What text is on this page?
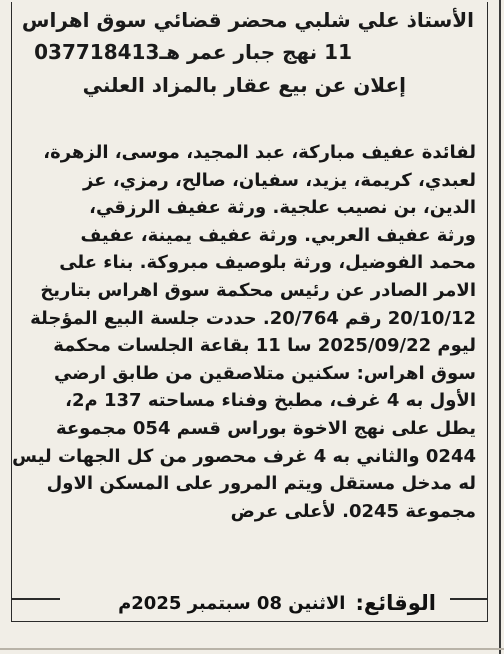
الأستاذ علي شلبي محضر قضائي سوق اهراس
11 نهج جبار عمر هـ037718413
إعلان عن بيع عقار بالمزاد العلني
لفائدة عفيف مباركة، عبد المجيد، موسى، الزهرة،
لعبدي، كريمة، يزيد، سفيان، صالح، رمزي، عز
الدين، بن نصيب علجية. ورثة عفيف الرزقي،
ورثة عفيف العربي. ورثة عفيف يمينة، عفيف
محمد الفوضيل، ورثة بلوصيف مبروكة. بناء على
الامر الصادر عن رئيس محكمة سوق اهراس بتاريخ
20/10/12 رقم 20/764. حددت جلسة البيع المؤجلة
ليوم 2025/09/22 سا 11 بقاعة الجلسات محكمة
سوق اهراس: سكنين متلاصقين من طابق ارضي
الأول به 4 غرف، مطبخ وفناء مساحته 137 م2،
يطل على نهج الاخوة بوراس قسم 054 مجموعة
0244 والثاني به 4 غرف محصور من كل الجهات ليس
له مدخل مستقل ويتم المرور على المسكن الاول
مجموعة 0245. لأعلى عرض
الوقائع:
الاثنين 08 سبتمبر 2025م
